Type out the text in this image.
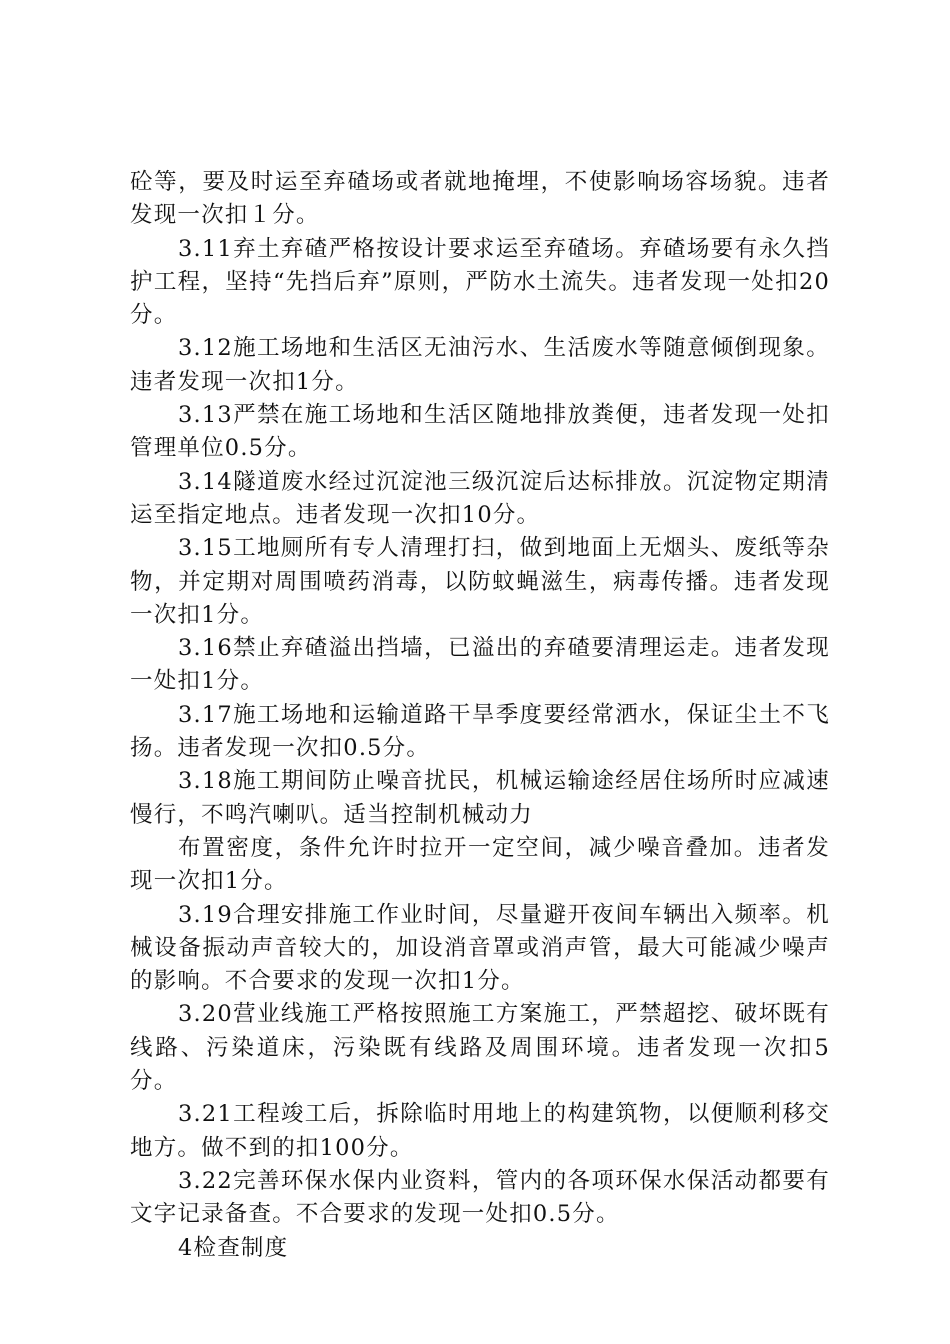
砼等，要及时运至弃碴场或者就地掩埋，不使影响场容场貌。违者发现一次扣１分。

3.11弃土弃碴严格按设计要求运至弃碴场。弃碴场要有永久挡护工程，坚持“先挡后弃”原则，严防水土流失。违者发现一处扣20分。

3.12施工场地和生活区无油污水、生活废水等随意倾倒现象。违者发现一次扣1分。

3.13严禁在施工场地和生活区随地排放粪便，违者发现一处扣管理单位0.5分。

3.14隧道废水经过沉淀池三级沉淀后达标排放。沉淀物定期清运至指定地点。违者发现一次扣10分。

3.15工地厕所有专人清理打扫，做到地面上无烟头、废纸等杂物，并定期对周围喷药消毒，以防蚊蝇滋生，病毒传播。违者发现一次扣1分。

3.16禁止弃碴溢出挡墙，已溢出的弃碴要清理运走。违者发现一处扣1分。

3.17施工场地和运输道路干旱季度要经常洒水，保证尘土不飞扬。违者发现一次扣0.5分。

3.18施工期间防止噪音扰民，机械运输途经居住场所时应减速慢行，不鸣汽喇叭。适当控制机械动力

布置密度，条件允许时拉开一定空间，减少噪音叠加。违者发现一次扣1分。

3.19合理安排施工作业时间，尽量避开夜间车辆出入频率。机械设备振动声音较大的，加设消音罩或消声管，最大可能减少噪声的影响。不合要求的发现一次扣1分。

3.20营业线施工严格按照施工方案施工，严禁超挖、破坏既有线路、污染道床，污染既有线路及周围环境。违者发现一次扣5分。

3.21工程竣工后，拆除临时用地上的构建筑物，以便顺利移交地方。做不到的扣100分。

3.22完善环保水保内业资料，管内的各项环保水保活动都要有文字记录备查。不合要求的发现一处扣0.5分。

4检查制度
